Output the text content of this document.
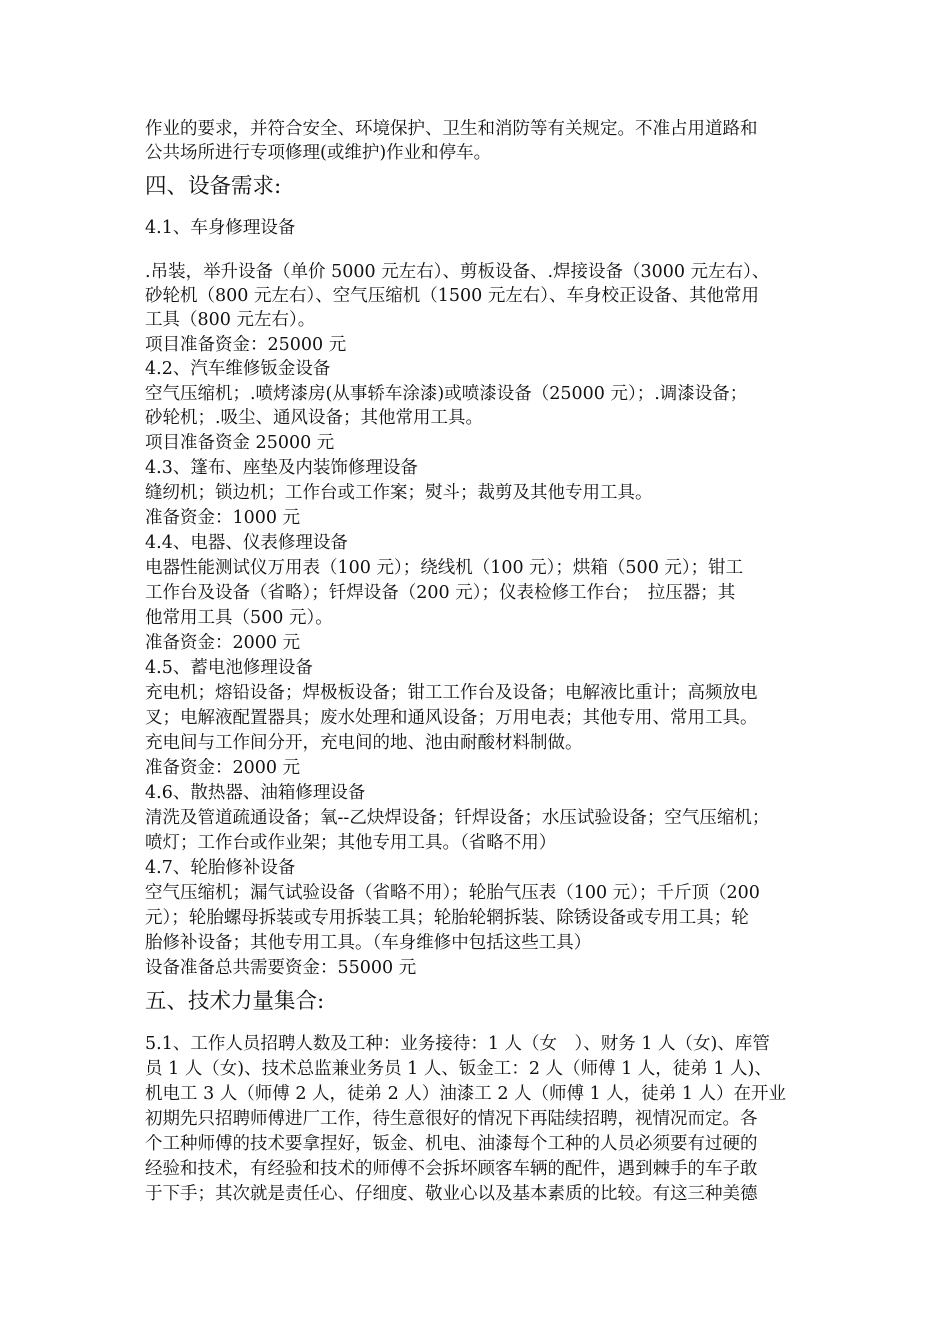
作业的要求，并符合安全、环境保护、卫生和消防等有关规定。不准占用道路和
公共场所进行专项修理(或维护)作业和停车。
四、设备需求:
4.1、车身修理设备
.吊装，举升设备（单价 5000 元左右）、剪板设备、.焊接设备（3000 元左右）、
砂轮机（800 元左右）、空气压缩机（1500 元左右）、车身校正设备、其他常用
工具（800 元左右）。
项目准备资金：25000 元
4.2、汽车维修钣金设备
空气压缩机；.喷烤漆房(从事轿车涂漆)或喷漆设备（25000 元）；.调漆设备；
砂轮机；.吸尘、通风设备；其他常用工具。
项目准备资金 25000 元
4.3、篷布、座垫及内装饰修理设备
缝纫机；锁边机；工作台或工作案；熨斗；裁剪及其他专用工具。
准备资金：1000 元
4.4、电器、仪表修理设备
电器性能测试仪万用表（100 元）；绕线机（100 元）；烘箱（500 元）；钳工
工作台及设备（省略）；钎焊设备（200 元）；仪表检修工作台；　拉压器；其
他常用工具（500 元）。
准备资金：2000 元
4.5、蓄电池修理设备
充电机；熔铅设备；焊极板设备；钳工工作台及设备；电解液比重计；高频放电
叉；电解液配置器具；废水处理和通风设备；万用电表；其他专用、常用工具。
充电间与工作间分开，充电间的地、池由耐酸材料制做。
准备资金：2000 元
4.6、散热器、油箱修理设备
清洗及管道疏通设备；氧--乙炔焊设备；钎焊设备；水压试验设备；空气压缩机；
喷灯；工作台或作业架；其他专用工具。（省略不用）
4.7、轮胎修补设备
空气压缩机；漏气试验设备（省略不用）；轮胎气压表（100 元）；千斤顶（200
元）；轮胎螺母拆装或专用拆装工具；轮胎轮辋拆装、除锈设备或专用工具；轮
胎修补设备；其他专用工具。（车身维修中包括这些工具）
设备准备总共需要资金：55000 元
五、技术力量集合:
5.1、工作人员招聘人数及工种：业务接待：1 人（女　）、财务 1 人（女)、库管
员 1 人（女)、技术总监兼业务员 1 人、钣金工：2 人（师傅 1 人，徒弟 1 人)、
机电工 3 人（师傅 2 人，徒弟 2 人）油漆工 2 人（师傅 1 人，徒弟 1 人）在开业
初期先只招聘师傅进厂工作，待生意很好的情况下再陆续招聘，视情况而定。各
个工种师傅的技术要拿捏好，钣金、机电、油漆每个工种的人员必须要有过硬的
经验和技术，有经验和技术的师傅不会拆坏顾客车辆的配件，遇到棘手的车子敢
于下手；其次就是责任心、仔细度、敬业心以及基本素质的比较。有这三种美德
